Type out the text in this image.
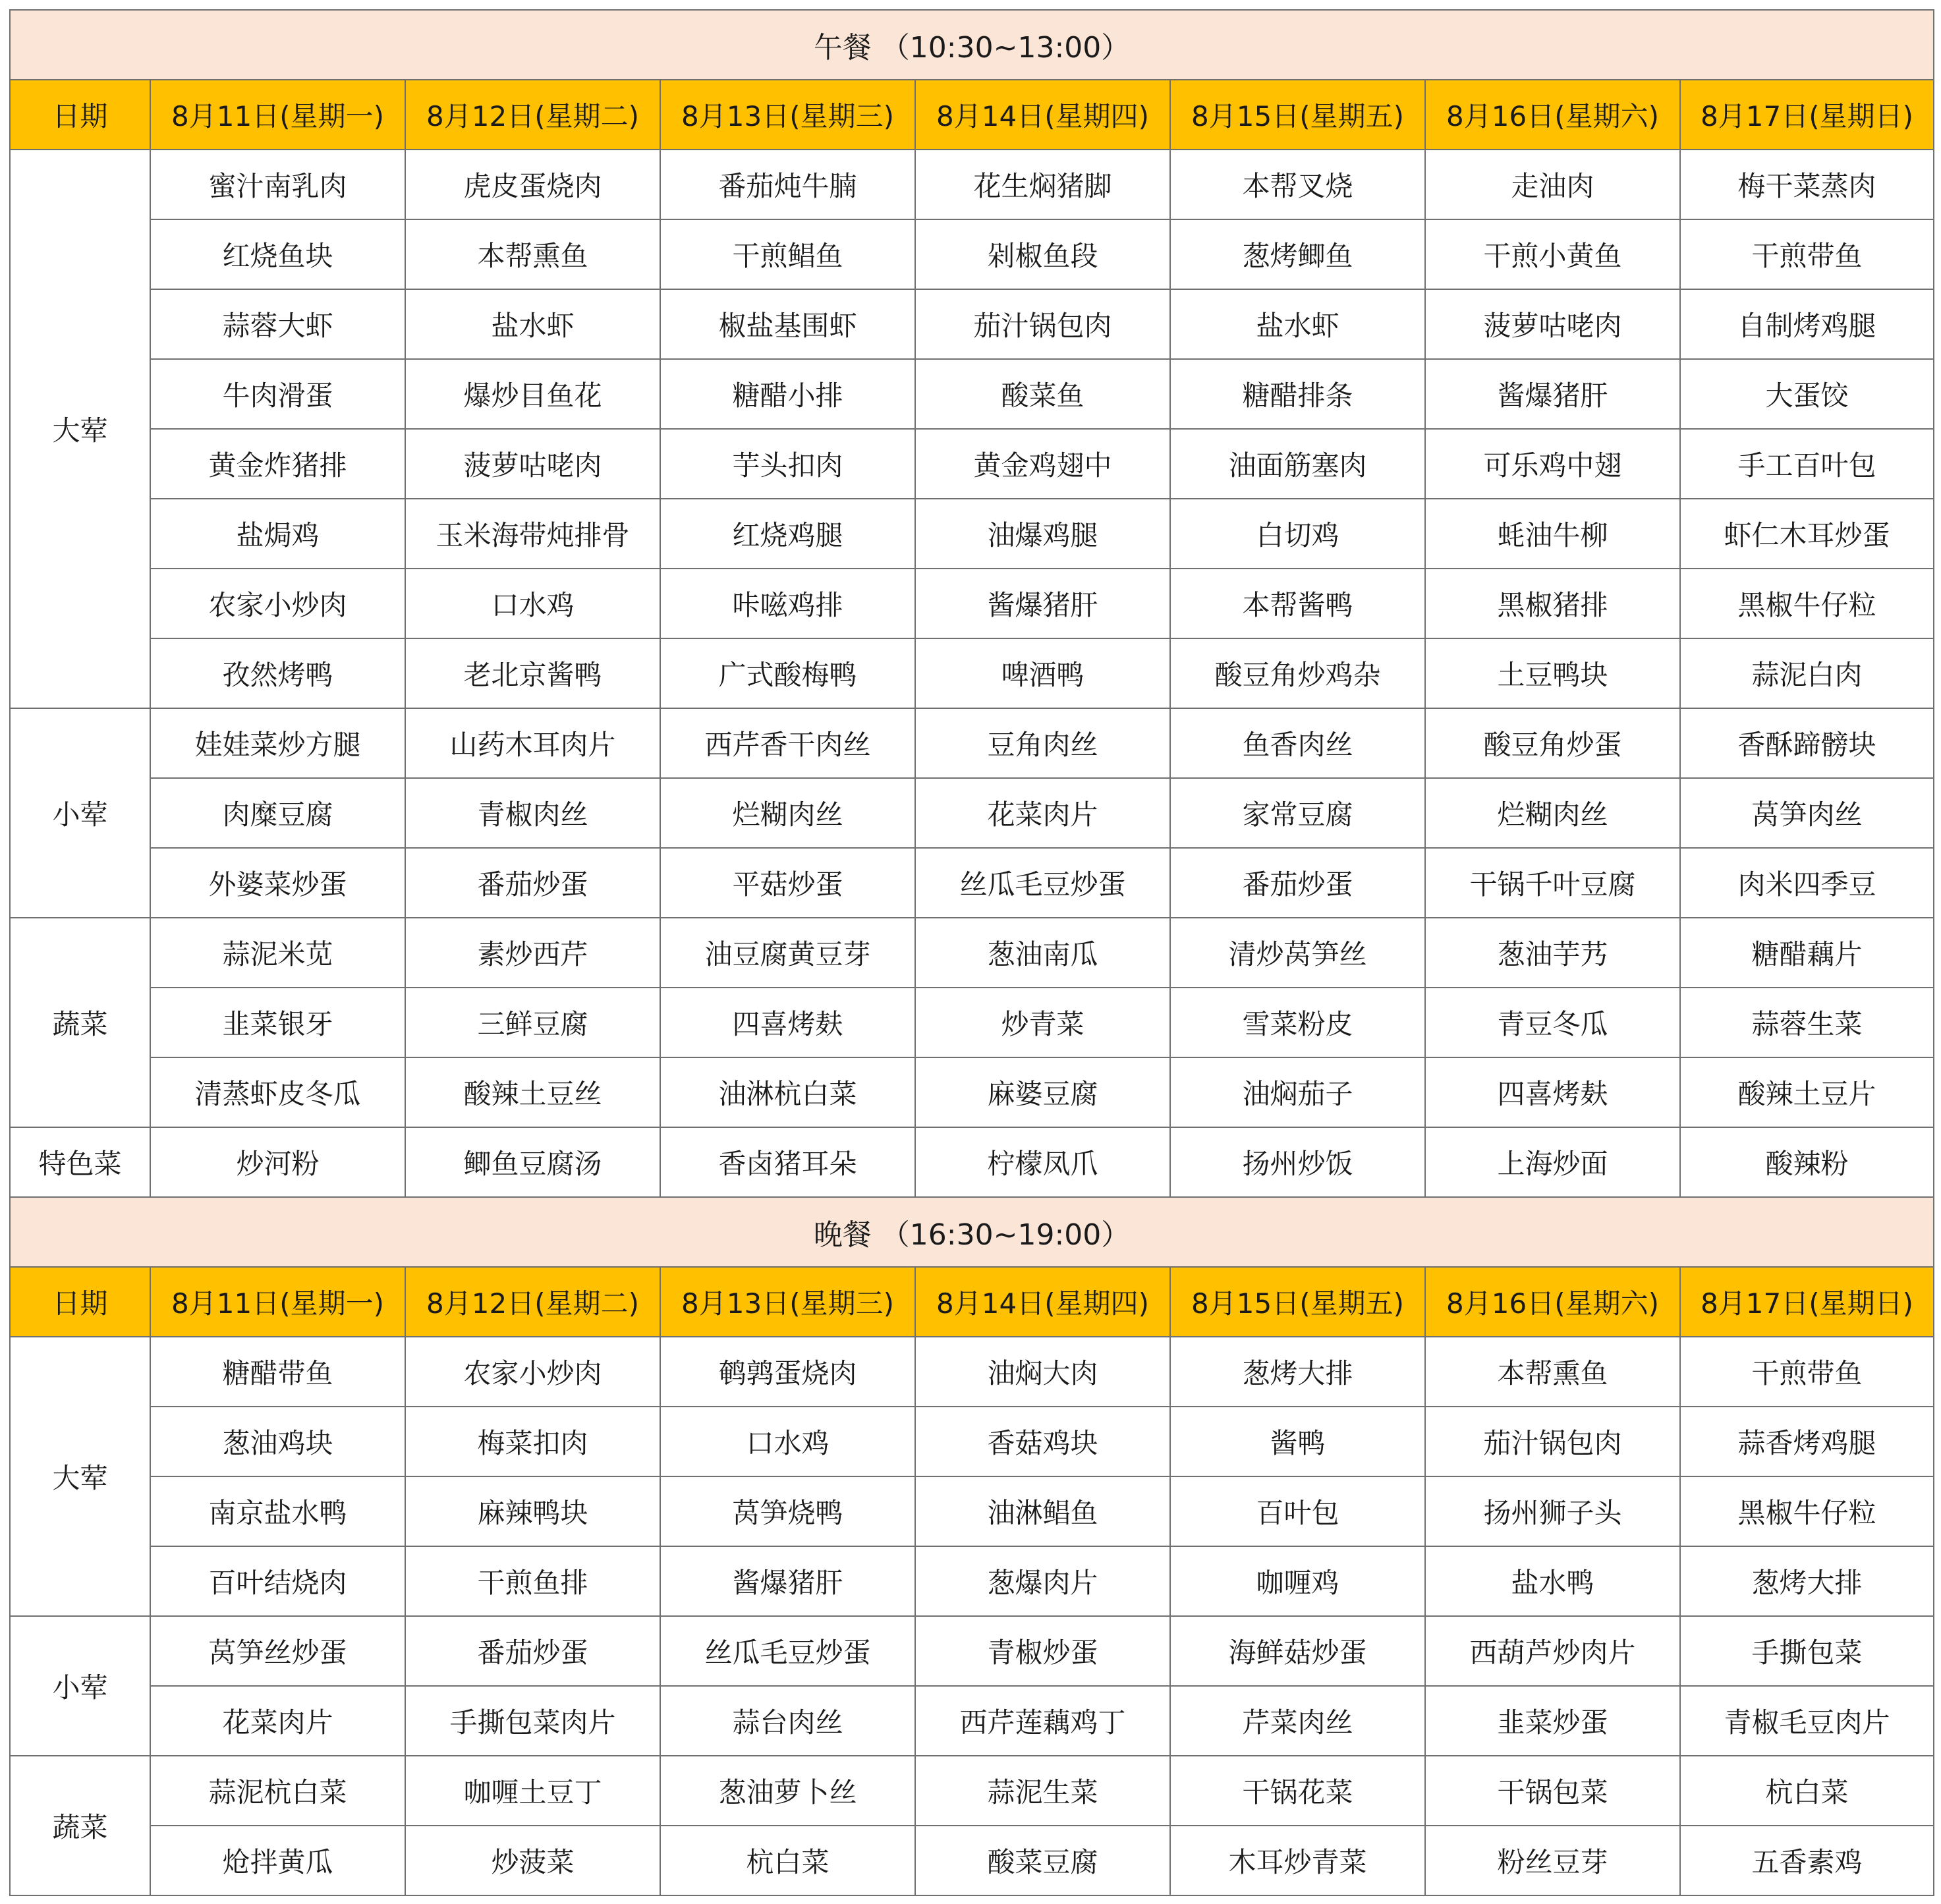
午餐 （10:30~13:00）							
日期	8月11日(星期一)	8月12日(星期二)	8月13日(星期三)	8月14日(星期四)	8月15日(星期五)	8月16日(星期六)	8月17日(星期日)
大荤	蜜汁南乳肉	虎皮蛋烧肉	番茄炖牛腩	花生焖猪脚	本帮叉烧	走油肉	梅干菜蒸肉
	红烧鱼块	本帮熏鱼	干煎鲳鱼	剁椒鱼段	葱烤鲫鱼	干煎小黄鱼	干煎带鱼
	蒜蓉大虾	盐水虾	椒盐基围虾	茄汁锅包肉	盐水虾	菠萝咕咾肉	自制烤鸡腿
	牛肉滑蛋	爆炒目鱼花	糖醋小排	酸菜鱼	糖醋排条	酱爆猪肝	大蛋饺
	黄金炸猪排	菠萝咕咾肉	芋头扣肉	黄金鸡翅中	油面筋塞肉	可乐鸡中翅	手工百叶包
	盐焗鸡	玉米海带炖排骨	红烧鸡腿	油爆鸡腿	白切鸡	蚝油牛柳	虾仁木耳炒蛋
	农家小炒肉	口水鸡	咔嗞鸡排	酱爆猪肝	本帮酱鸭	黑椒猪排	黑椒牛仔粒
	孜然烤鸭	老北京酱鸭	广式酸梅鸭	啤酒鸭	酸豆角炒鸡杂	土豆鸭块	蒜泥白肉
小荤	娃娃菜炒方腿	山药木耳肉片	西芹香干肉丝	豆角肉丝	鱼香肉丝	酸豆角炒蛋	香酥蹄髈块
	肉糜豆腐	青椒肉丝	烂糊肉丝	花菜肉片	家常豆腐	烂糊肉丝	莴笋肉丝
	外婆菜炒蛋	番茄炒蛋	平菇炒蛋	丝瓜毛豆炒蛋	番茄炒蛋	干锅千叶豆腐	肉米四季豆
蔬菜	蒜泥米苋	素炒西芹	油豆腐黄豆芽	葱油南瓜	清炒莴笋丝	葱油芋艿	糖醋藕片
	韭菜银牙	三鲜豆腐	四喜烤麸	炒青菜	雪菜粉皮	青豆冬瓜	蒜蓉生菜
	清蒸虾皮冬瓜	酸辣土豆丝	油淋杭白菜	麻婆豆腐	油焖茄子	四喜烤麸	酸辣土豆片
特色菜	炒河粉	鲫鱼豆腐汤	香卤猪耳朵	柠檬凤爪	扬州炒饭	上海炒面	酸辣粉
晚餐 （16:30~19:00）							
日期	8月11日(星期一)	8月12日(星期二)	8月13日(星期三)	8月14日(星期四)	8月15日(星期五)	8月16日(星期六)	8月17日(星期日)
大荤	糖醋带鱼	农家小炒肉	鹌鹑蛋烧肉	油焖大肉	葱烤大排	本帮熏鱼	干煎带鱼
	葱油鸡块	梅菜扣肉	口水鸡	香菇鸡块	酱鸭	茄汁锅包肉	蒜香烤鸡腿
	南京盐水鸭	麻辣鸭块	莴笋烧鸭	油淋鲳鱼	百叶包	扬州狮子头	黑椒牛仔粒
	百叶结烧肉	干煎鱼排	酱爆猪肝	葱爆肉片	咖喱鸡	盐水鸭	葱烤大排
小荤	莴笋丝炒蛋	番茄炒蛋	丝瓜毛豆炒蛋	青椒炒蛋	海鲜菇炒蛋	西葫芦炒肉片	手撕包菜
	花菜肉片	手撕包菜肉片	蒜台肉丝	西芹莲藕鸡丁	芹菜肉丝	韭菜炒蛋	青椒毛豆肉片
蔬菜	蒜泥杭白菜	咖喱土豆丁	葱油萝卜丝	蒜泥生菜	干锅花菜	干锅包菜	杭白菜
	炝拌黄瓜	炒菠菜	杭白菜	酸菜豆腐	木耳炒青菜	粉丝豆芽	五香素鸡
